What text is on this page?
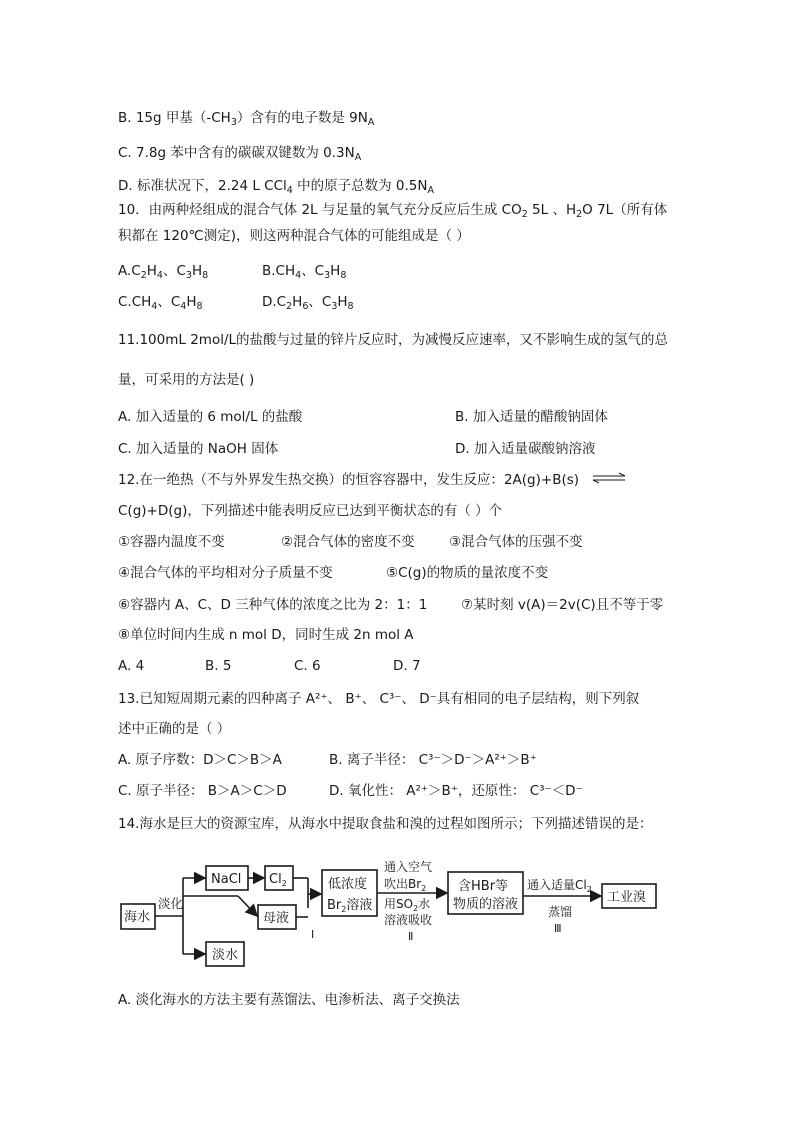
B. 15g 甲基$(-CH_3)$含有的电子数是 $9N_A$
C. 7.8g 苯中含有的碳碳双键数为 $0.3N_A$
D. 标准状况下，2.24 L CCl$_4$ 中的原子总数为 $0.5N_A$
10．由两种烃组成的混合气体 2L 与足量的氧气充分反应后生成 $CO_2$ 5L 、$H_2O$ 7L（所有体
积都在 120℃测定)，则这两种混合气体的可能组成是（ ）
$A.C_2H_4$、$C_3H_8$	$B.CH_4$、$C_3H_8$
$C.CH_4$、$C_4H_8$	$D.C_2H_6$、$C_3H_8$
11.100mL 2mol/L的盐酸与过量的锌片反应时，为减慢反应速率，又不影响生成的氢气的总
量，可采用的方法是( )
A. 加入适量的 6 mol/L 的盐酸	B. 加入适量的醋酸钠固体
C. 加入适量的 NaOH 固体	D. 加入适量碳酸钠溶液
12.在一绝热（不与外界发生热交换）的恒容容器中，发生反应：2A(g)+B(s) ⇌
C(g)+D(g)，下列描述中能表明反应已达到平衡状态的有（ ）个
①容器内温度不变	②混合气体的密度不变	③混合气体的压强不变
④混合气体的平均相对分子质量不变	⑤C(g)的物质的量浓度不变
⑥容器内 A、C、D 三种气体的浓度之比为 2：1：1 ⑦某时刻 v(A)＝2v(C)且不等于零
⑧单位时间内生成 n mol D，同时生成 2n mol A
A. 4	B. 5	C. 6	D. 7
13.已知短周期元素的四种离子 A²⁺、 B⁺、 C³⁻、 D⁻具有相同的电子层结构，则下列叙
述中正确的是（ ）
A. 原子序数：D＞C＞B＞A	B. 离子半径： C³⁻＞D⁻＞A²⁺＞B⁺
C. 原子半径： B＞A＞C＞D	D. 氧化性： A²⁺＞B⁺，还原性： C³⁻＜D⁻
14.海水是巨大的资源宝库，从海水中提取食盐和溴的过程如图所示；下列描述错误的是：
海水
淡化
NaCl $Cl_2$
母液
淡水
Ⅰ
低浓度
$Br_2$溶液
通入空气
吹出$Br_2$
用$SO_2$水
溶液吸收
Ⅱ
含HBr等
物质的溶液
通入适量$Cl_2$
蒸馏
Ⅲ
工业溴
A. 淡化海水的方法主要有蒸馏法、电渗析法、离子交换法
